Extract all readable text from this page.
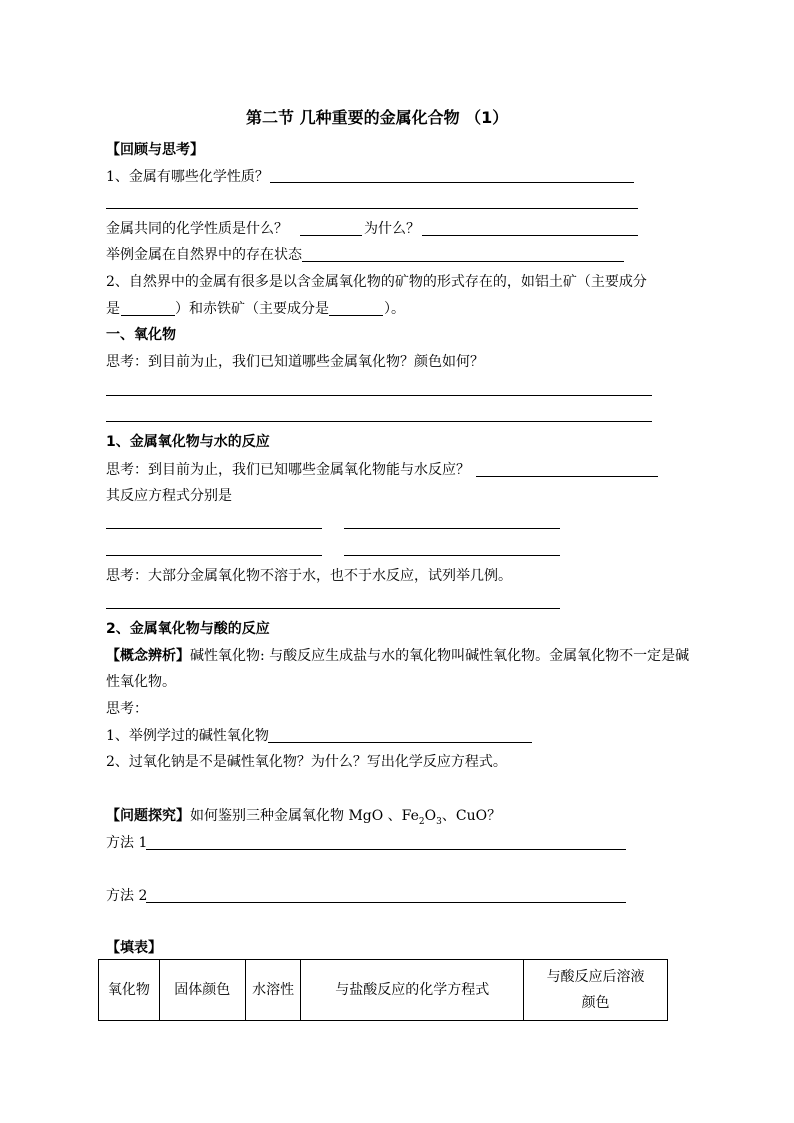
第二节 几种重要的金属化合物 （1）
【回顾与思考】
1、金属有哪些化学性质？
金属共同的化学性质是什么？	为什么？
举例金属在自然界中的存在状态
2、自然界中的金属有很多是以含金属氧化物的矿物的形式存在的，如铝土矿（主要成分
是	）和赤铁矿（主要成分是	）。
一、氧化物
思考：到目前为止，我们已知道哪些金属氧化物？颜色如何？
1、金属氧化物与水的反应
思考：到目前为止，我们已知哪些金属氧化物能与水反应？
其反应方程式分别是
思考：大部分金属氧化物不溶于水，也不于水反应，试列举几例。
2、金属氧化物与酸的反应
【概念辨析】碱性氧化物: 与酸反应生成盐与水的氧化物叫碱性氧化物。金属氧化物不一定是碱
性氧化物。
思考：
1、举例学过的碱性氧化物
2、过氧化钠是不是碱性氧化物？为什么？写出化学反应方程式。
【问题探究】如何鉴别三种金属氧化物 MgO 、$Fe_2O_3$、CuO？
方法 1
方法 2
【填表】
氧化物	固体颜色	水溶性	与盐酸反应的化学方程式	与酸反应后溶液颜色
